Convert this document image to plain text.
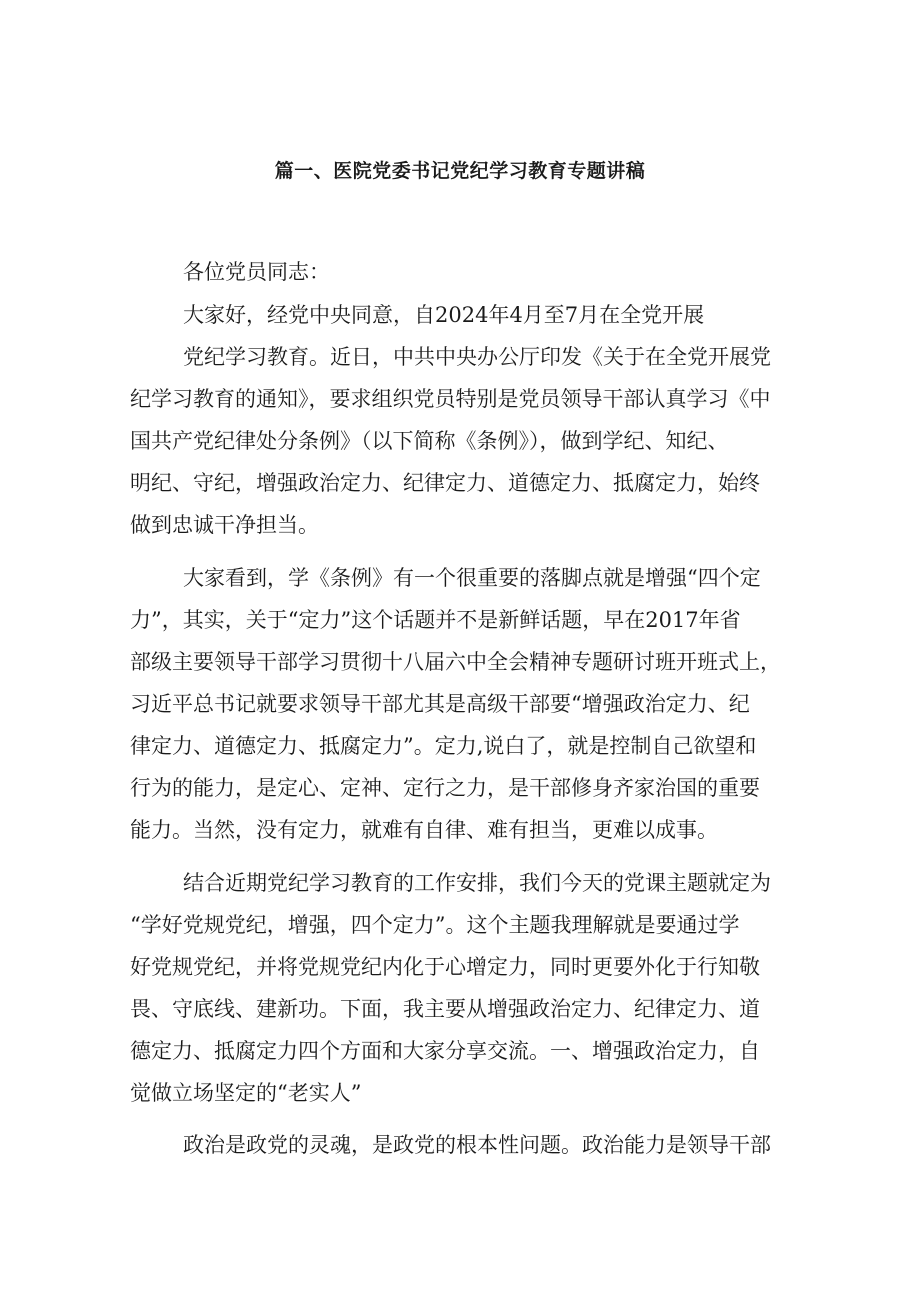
篇一、医院党委书记党纪学习教育专题讲稿
各位党员同志：
大家好，经党中央同意，自2024年4月至7月在全党开展
党纪学习教育。近日，中共中央办公厅印发《关于在全党开展党
纪学习教育的通知》，要求组织党员特别是党员领导干部认真学习《中
国共产党纪律处分条例》（以下简称《条例》），做到学纪、知纪、
明纪、守纪，增强政治定力、纪律定力、道德定力、抵腐定力，始终
做到忠诚干净担当。
大家看到，学《条例》有一个很重要的落脚点就是增强“四个定
力”，其实，关于“定力”这个话题并不是新鲜话题，早在2017年省
部级主要领导干部学习贯彻十八届六中全会精神专题研讨班开班式上，
习近平总书记就要求领导干部尤其是高级干部要“增强政治定力、纪
律定力、道德定力、抵腐定力”。定力,说白了，就是控制自己欲望和
行为的能力，是定心、定神、定行之力，是干部修身齐家治国的重要
能力。当然，没有定力，就难有自律、难有担当，更难以成事。
结合近期党纪学习教育的工作安排，我们今天的党课主题就定为
“学好党规党纪，增强，四个定力”。这个主题我理解就是要通过学
好党规党纪，并将党规党纪内化于心增定力，同时更要外化于行知敬
畏、守底线、建新功。下面，我主要从增强政治定力、纪律定力、道
德定力、抵腐定力四个方面和大家分享交流。一、增强政治定力，自
觉做立场坚定的“老实人”
政治是政党的灵魂，是政党的根本性问题。政治能力是领导干部
